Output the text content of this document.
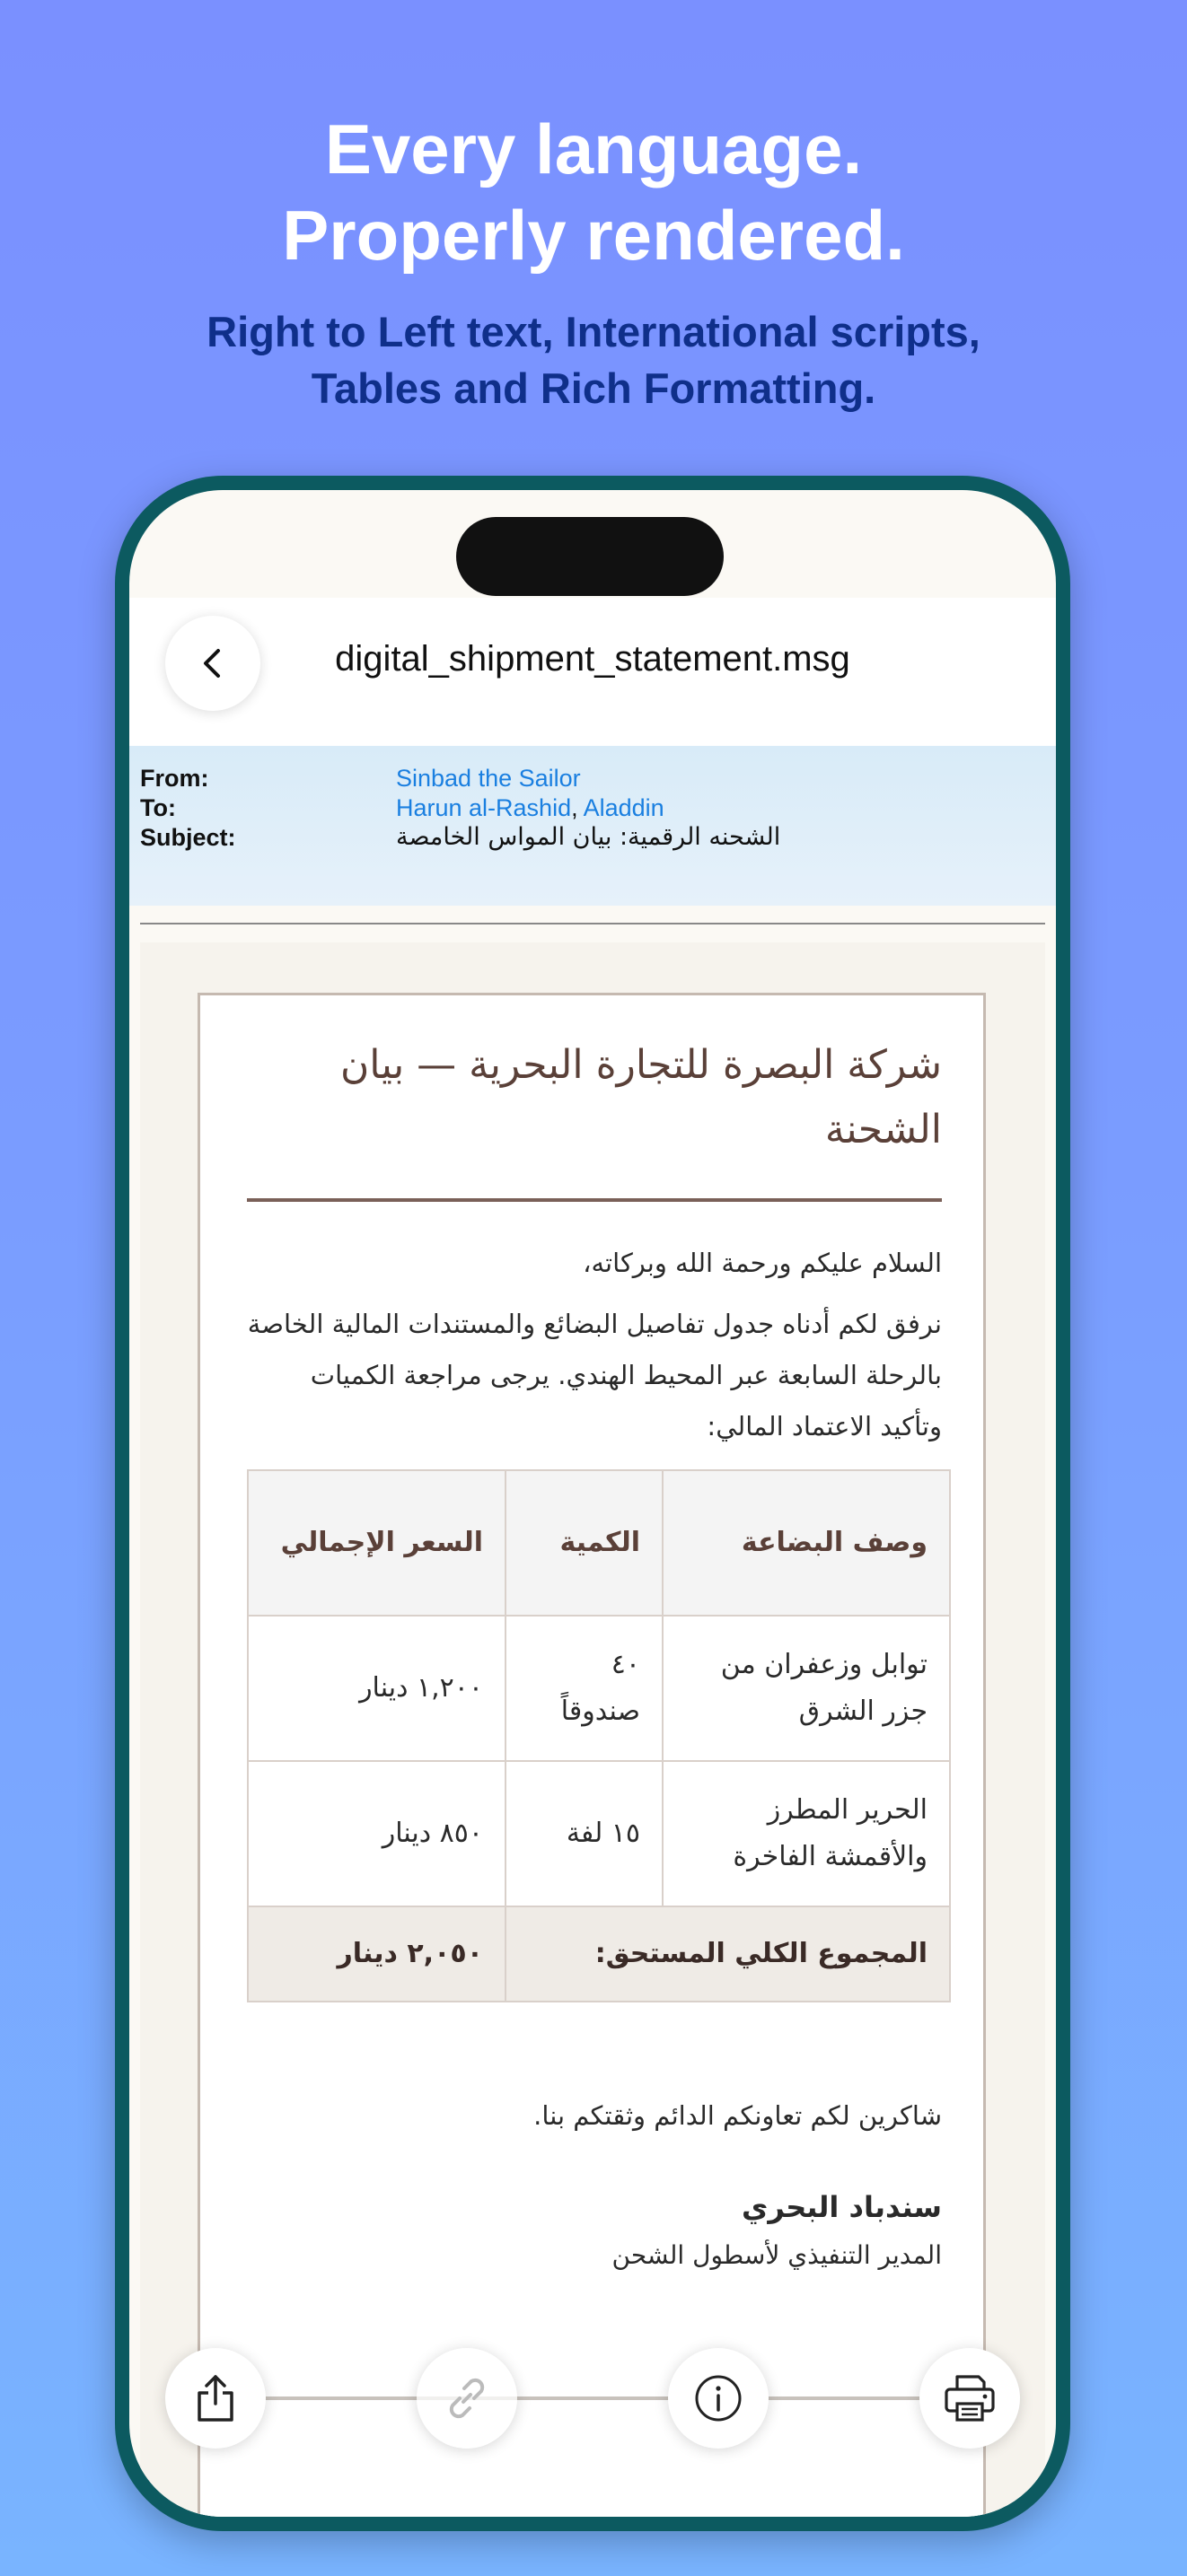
Every language.
Properly rendered.
Right to Left text, International scripts,
Tables and Rich Formatting.
digital_shipment_statement.msg
From:	Sinbad the Sailor
To:	Harun al-Rashid, Aladdin
Subject:	الشحنه الرقمية: بيان المواس الخامصة
شركة البصرة للتجارة البحرية — بيان الشحنة
السلام عليكم ورحمة الله وبركاته،
نرفق لكم أدناه جدول تفاصيل البضائع والمستندات المالية الخاصة بالرحلة السابعة عبر المحيط الهندي. يرجى مراجعة الكميات وتأكيد الاعتماد المالي:
وصف البضاعة	الكمية	السعر الإجمالي
توابل وزعفران من جزر الشرق	٤٠ صندوقاً	١,٢٠٠ دينار
الحرير المطرز والأقمشة الفاخرة	١٥ لفة	٨٥٠ دينار
المجموع الكلي المستحق:		٢,٠٥٠ دينار
شاكرين لكم تعاونكم الدائم وثقتكم بنا.
سندباد البحري
المدير التنفيذي لأسطول الشحن
